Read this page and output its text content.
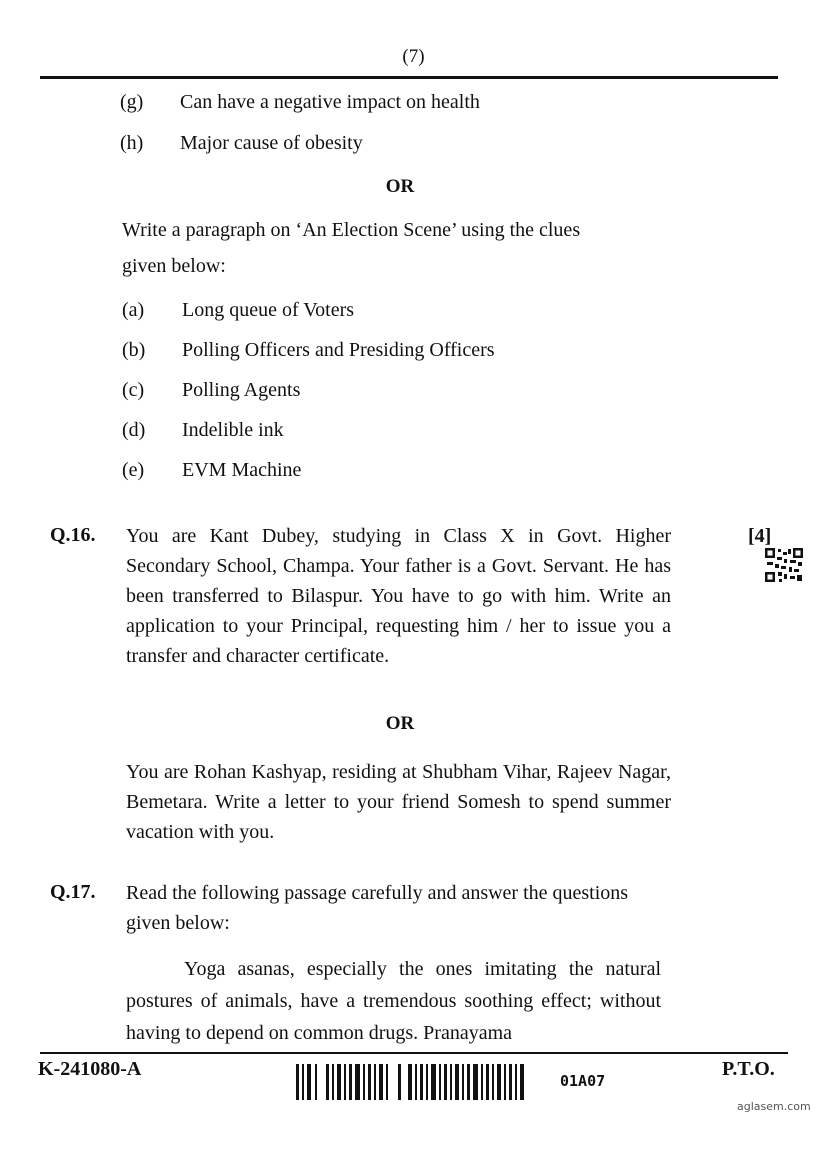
(7)
(g) Can have a negative impact on health
(h) Major cause of obesity
OR
Write a paragraph on ‘An Election Scene’ using the clues
given below:
(a) Long queue of Voters
(b) Polling Officers and Presiding Officers
(c) Polling Agents
(d) Indelible ink
(e) EVM Machine
Q.16. You are Kant Dubey, studying in Class X in Govt. Higher Secondary School, Champa. Your father is a Govt. Servant. He has been transferred to Bilaspur. You have to go with him. Write an application to your Principal, requesting him / her to issue you a transfer and character certificate.

[4]
OR

You are Rohan Kashyap, residing at Shubham Vihar, Rajeev Nagar, Bemetara. Write a letter to your friend Somesh to spend summer vacation with you.

Q.17. Read the following passage carefully and answer the questions given below:

Yoga asanas, especially the ones imitating the natural postures of animals, have a tremendous soothing effect; without having to depend on common drugs. Pranayama

K-241080-A
01A07
P.T.O.
aglasem.com
